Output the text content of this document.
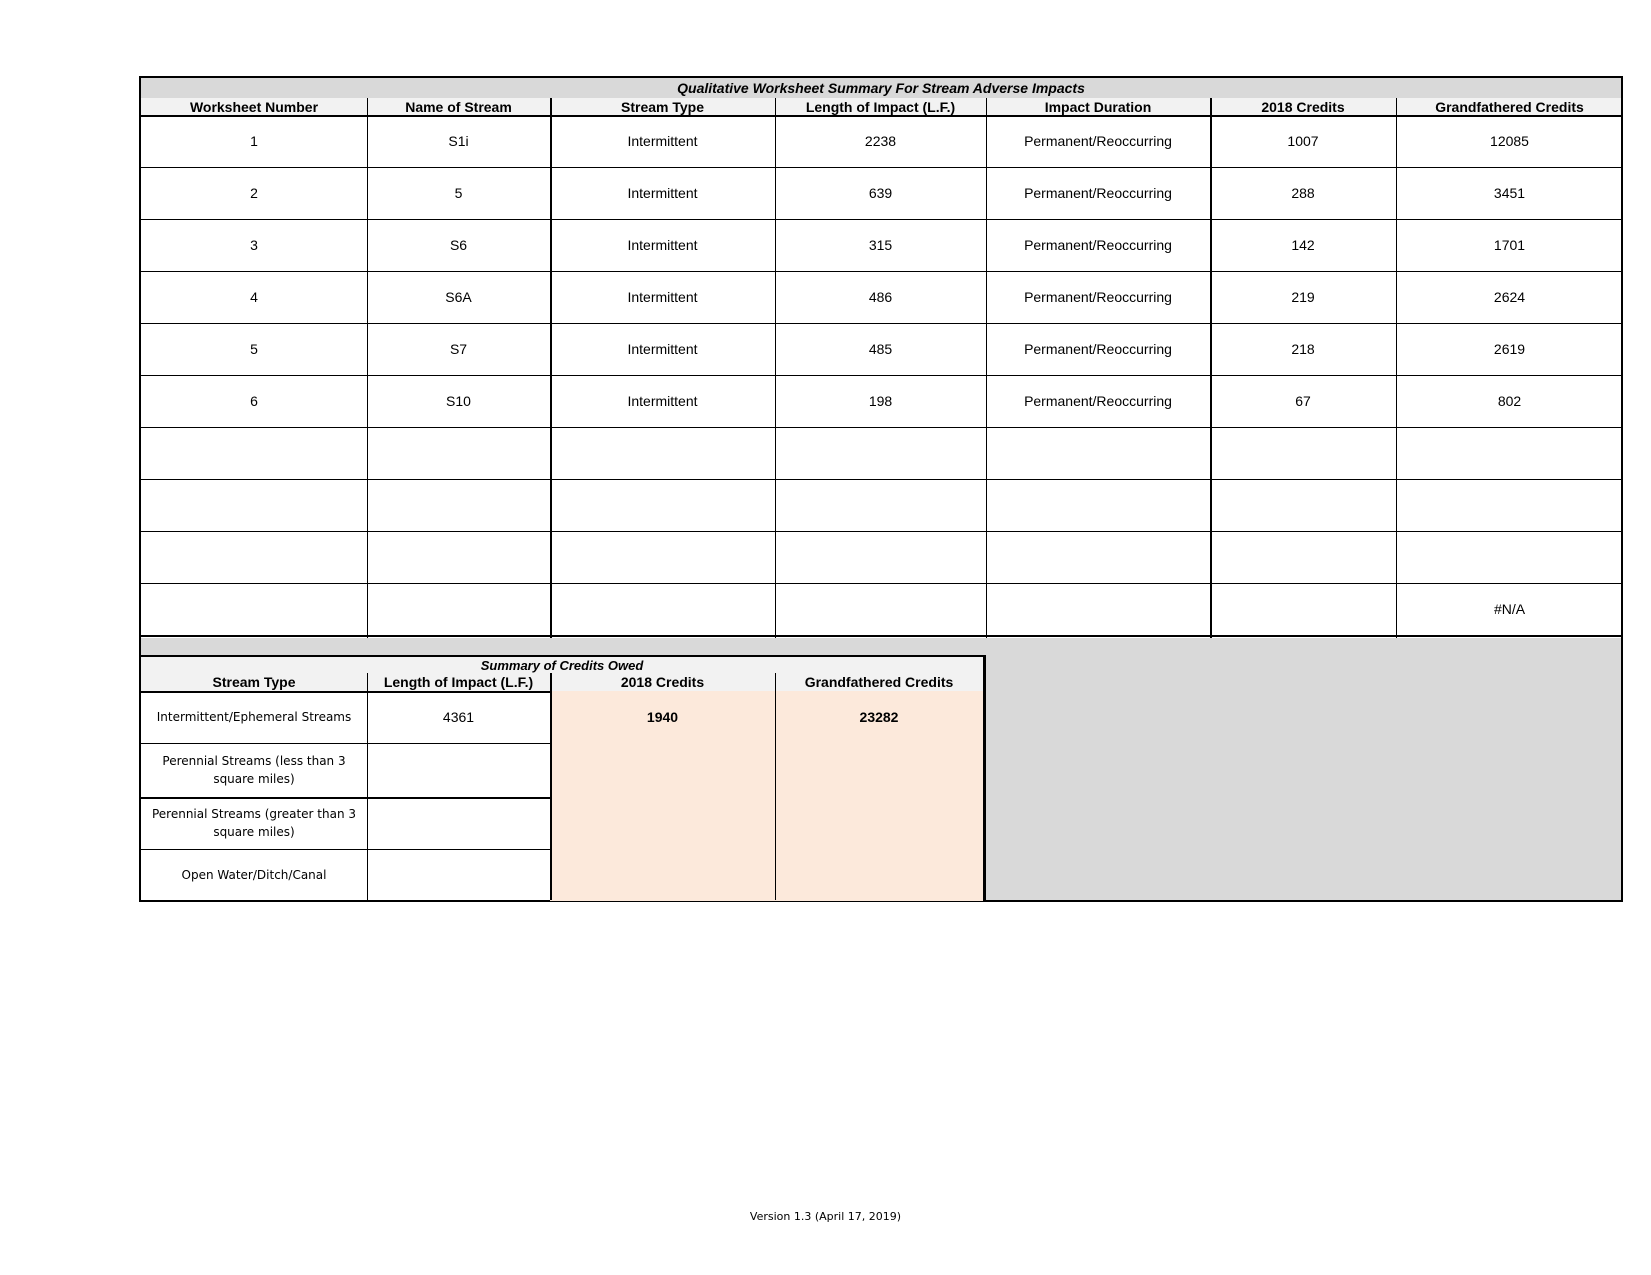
Qualitative Worksheet Summary For Stream Adverse Impacts
Worksheet Number	Name of Stream	Stream Type	Length of Impact (L.F.)	Impact Duration	2018 Credits	Grandfathered Credits
1	S1i	Intermittent	2238	Permanent/Reoccurring	1007	12085
2	5	Intermittent	639	Permanent/Reoccurring	288	3451
3	S6	Intermittent	315	Permanent/Reoccurring	142	1701
4	S6A	Intermittent	486	Permanent/Reoccurring	219	2624
5	S7	Intermittent	485	Permanent/Reoccurring	218	2619
6	S10	Intermittent	198	Permanent/Reoccurring	67	802
#N/A
Summary of Credits Owed
Stream Type	Length of Impact (L.F.)	2018 Credits	Grandfathered Credits
Intermittent/Ephemeral Streams	4361	1940	23282
Perennial Streams (less than 3 square miles)
Perennial Streams (greater than 3 square miles)
Open Water/Ditch/Canal
Version 1.3 (April 17, 2019)
